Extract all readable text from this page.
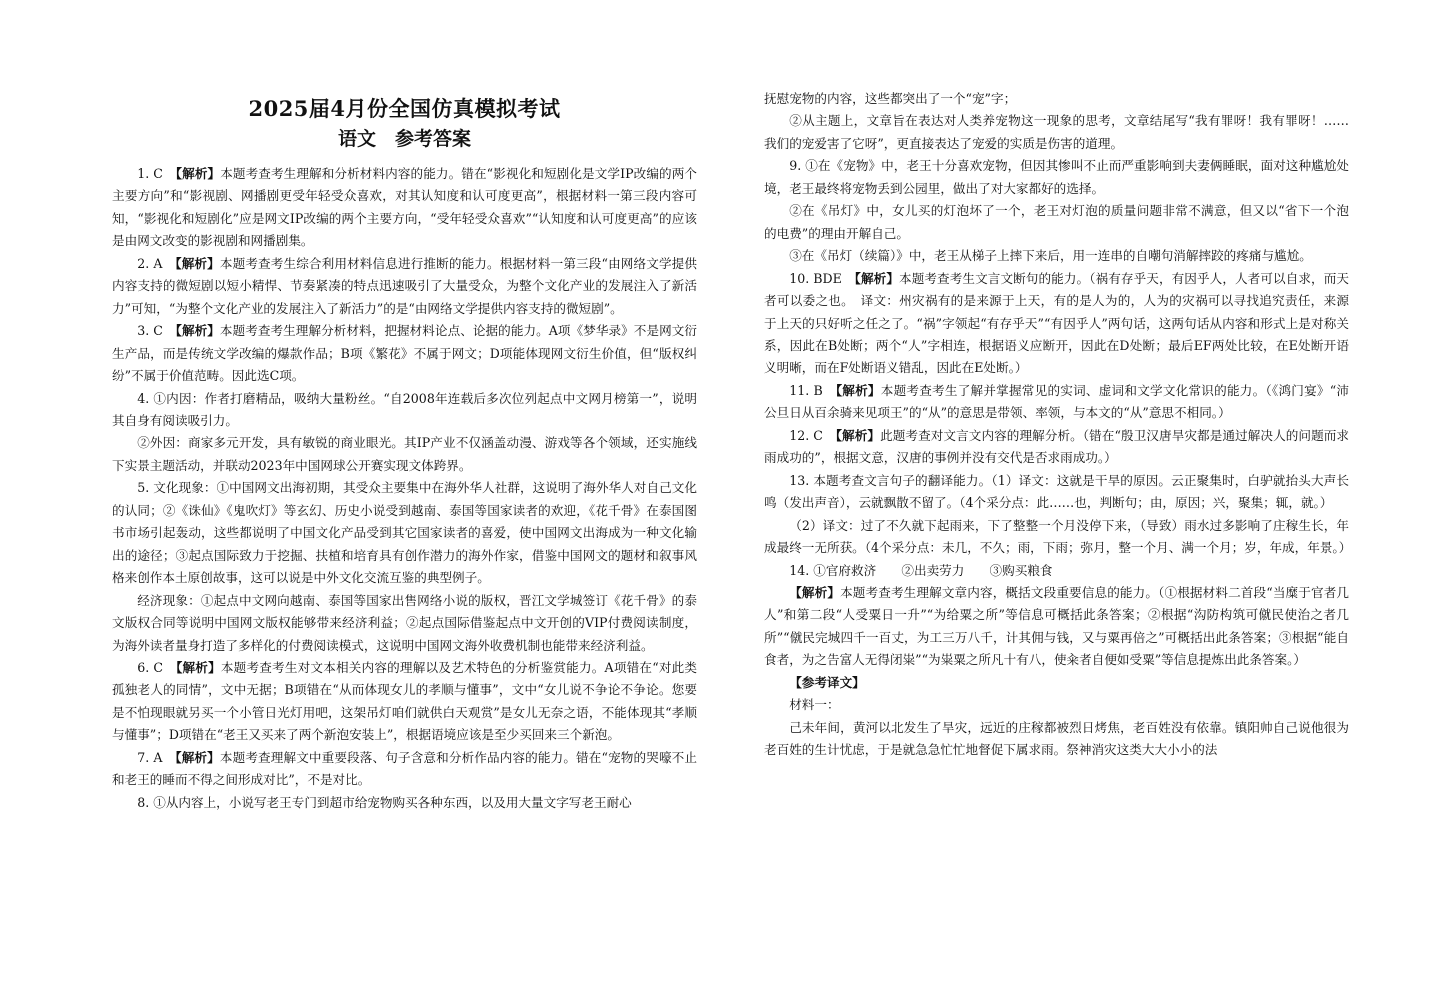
2025届4月份全国仿真模拟考试
语文　参考答案

1. C　【解析】本题考查考生理解和分析材料内容的能力。错在“影视化和短剧化是文学IP改编的两个主要方向”和“影视剧、网播剧更受年轻受众喜欢，对其认知度和认可度更高”，根据材料一第三段内容可知，“影视化和短剧化”应是网文IP改编的两个主要方向，“受年轻受众喜欢”“认知度和认可度更高”的应该是由网文改变的影视剧和网播剧集。

2. A　【解析】本题考查考生综合利用材料信息进行推断的能力。根据材料一第三段“由网络文学提供内容支持的微短剧以短小精悍、节奏紧凑的特点迅速吸引了大量受众，为整个文化产业的发展注入了新活力”可知，“为整个文化产业的发展注入了新活力”的是“由网络文学提供内容支持的微短剧”。

3. C　【解析】本题考查考生理解分析材料，把握材料论点、论据的能力。A项《梦华录》不是网文衍生产品，而是传统文学改编的爆款作品；B项《繁花》不属于网文；D项能体现网文衍生价值，但“版权纠纷”不属于价值范畴。因此选C项。

4. ①内因：作者打磨精品，吸纳大量粉丝。“自2008年连载后多次位列起点中文网月榜第一”，说明其自身有阅读吸引力。

②外因：商家多元开发，具有敏锐的商业眼光。其IP产业不仅涵盖动漫、游戏等各个领域，还实施线下实景主题活动，并联动2023年中国网球公开赛实现文体跨界。

5. 文化现象：①中国网文出海初期，其受众主要集中在海外华人社群，这说明了海外华人对自己文化的认同；②《诛仙》《鬼吹灯》等玄幻、历史小说受到越南、泰国等国家读者的欢迎，《花千骨》在泰国图书市场引起轰动，这些都说明了中国文化产品受到其它国家读者的喜爱，使中国网文出海成为一种文化输出的途径；③起点国际致力于挖掘、扶植和培育具有创作潜力的海外作家，借鉴中国网文的题材和叙事风格来创作本土原创故事，这可以说是中外文化交流互鉴的典型例子。

经济现象：①起点中文网向越南、泰国等国家出售网络小说的版权，晋江文学城签订《花千骨》的泰文版权合同等说明中国网文版权能够带来经济利益；②起点国际借鉴起点中文开创的VIP付费阅读制度，为海外读者量身打造了多样化的付费阅读模式，这说明中国网文海外收费机制也能带来经济利益。

6. C　【解析】本题考查考生对文本相关内容的理解以及艺术特色的分析鉴赏能力。A项错在“对此类孤独老人的同情”，文中无据；B项错在“从而体现女儿的孝顺与懂事”，文中“女儿说不争论不争论。您要是不怕现眼就另买一个小管日光灯用吧，这架吊灯咱们就供白天观赏”是女儿无奈之语，不能体现其“孝顺与懂事”；D项错在“老王又买来了两个新泡安装上”，根据语境应该是至少买回来三个新泡。

7. A　【解析】本题考查理解文中重要段落、句子含意和分析作品内容的能力。错在“宠物的哭嚎不止和老王的睡而不得之间形成对比”，不是对比。

8. ①从内容上，小说写老王专门到超市给宠物购买各种东西，以及用大量文字写老王耐心

抚慰宠物的内容，这些都突出了一个“宠”字；

②从主题上，文章旨在表达对人类养宠物这一现象的思考，文章结尾写“我有罪呀！我有罪呀！……我们的宠爱害了它呀”，更直接表达了宠爱的实质是伤害的道理。

9. ①在《宠物》中，老王十分喜欢宠物，但因其惨叫不止而严重影响到夫妻俩睡眠，面对这种尴尬处境，老王最终将宠物丢到公园里，做出了对大家都好的选择。

②在《吊灯》中，女儿买的灯泡坏了一个，老王对灯泡的质量问题非常不满意，但又以“省下一个泡的电费”的理由开解自己。

③在《吊灯（续篇）》中，老王从梯子上摔下来后，用一连串的自嘲句消解摔跤的疼痛与尴尬。

10. BDE　【解析】本题考查考生文言文断句的能力。（祸有存乎天，有因乎人，人者可以自求，而天者可以委之也。　译文：州灾祸有的是来源于上天，有的是人为的，人为的灾祸可以寻找追究责任，来源于上天的只好听之任之了。“祸”字领起“有存乎天”“有因乎人”两句话，这两句话从内容和形式上是对称关系，因此在B处断；两个“人”字相连，根据语义应断开，因此在D处断；最后EF两处比较，在E处断开语义明晰，而在F处断语义错乱，因此在E处断。）

11. B　【解析】本题考查考生了解并掌握常见的实词、虚词和文学文化常识的能力。（《鸿门宴》“沛公旦日从百余骑来见项王”的“从”的意思是带领、率领，与本文的“从”意思不相同。）

12. C　【解析】此题考查对文言文内容的理解分析。（错在“殷卫汉唐旱灾都是通过解决人的问题而求雨成功的”，根据文意，汉唐的事例并没有交代是否求雨成功。）

13. 本题考查文言句子的翻译能力。（1）译文：这就是干旱的原因。云正聚集时，白驴就抬头大声长鸣（发出声音），云就飘散不留了。（4个采分点：此……也，判断句；由，原因；兴，聚集；辄，就。）

（2）译文：过了不久就下起雨来，下了整整一个月没停下来，（导致）雨水过多影响了庄稼生长，年成最终一无所获。（4个采分点：未几，不久；雨，下雨；弥月，整一个月、满一个月；岁，年成，年景。）

14. ①官府救济　　②出卖劳力　　③购买粮食

【解析】本题考查考生理解文章内容，概括文段重要信息的能力。（①根据材料二首段“当糜于官者几人”和第二段“人受粟日一升”“为给粟之所”等信息可概括此条答案；②根据“沟防构筑可僦民使治之者几所”“僦民完城四千一百丈，为工三万八千，计其佣与钱，又与粟再倍之”可概括出此条答案；③根据“能自食者，为之告富人无得闭粜”“为粜粟之所凡十有八，使籴者自便如受粟”等信息提炼出此条答案。）

【参考译文】

材料一：

己未年间，黄河以北发生了旱灾，远近的庄稼都被烈日烤焦，老百姓没有依靠。镇阳帅自己说他很为老百姓的生计忧虑，于是就急急忙忙地督促下属求雨。祭神消灾这类大大小小的法
